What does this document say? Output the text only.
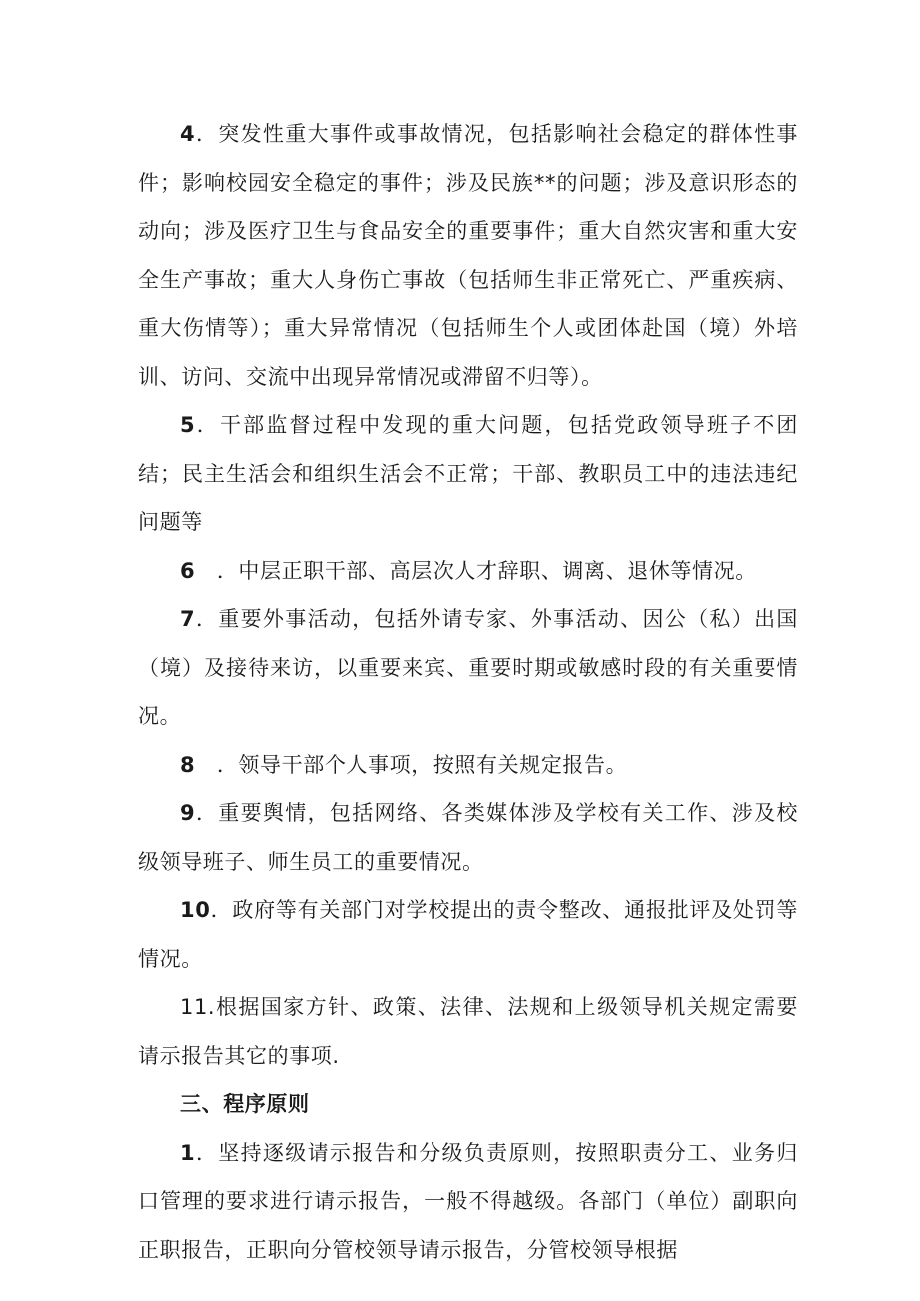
4．突发性重大事件或事故情况，包括影响社会稳定的群体性事件；影响校园安全稳定的事件；涉及民族**的问题；涉及意识形态的动向；涉及医疗卫生与食品安全的重要事件；重大自然灾害和重大安全生产事故；重大人身伤亡事故（包括师生非正常死亡、严重疾病、重大伤情等）；重大异常情况（包括师生个人或团体赴国（境）外培训、访问、交流中出现异常情况或滞留不归等）。

5．干部监督过程中发现的重大问题，包括党政领导班子不团结；民主生活会和组织生活会不正常；干部、教职员工中的违法违纪问题等

6　．中层正职干部、高层次人才辞职、调离、退休等情况。

7．重要外事活动，包括外请专家、外事活动、因公（私）出国（境）及接待来访，以重要来宾、重要时期或敏感时段的有关重要情况。

8　．领导干部个人事项，按照有关规定报告。

9．重要舆情，包括网络、各类媒体涉及学校有关工作、涉及校级领导班子、师生员工的重要情况。

10．政府等有关部门对学校提出的责令整改、通报批评及处罚等情况。

11.根据国家方针、政策、法律、法规和上级领导机关规定需要请示报告其它的事项.

三、程序原则

1．坚持逐级请示报告和分级负责原则，按照职责分工、业务归口管理的要求进行请示报告，一般不得越级。各部门（单位）副职向正职报告，正职向分管校领导请示报告，分管校领导根据
